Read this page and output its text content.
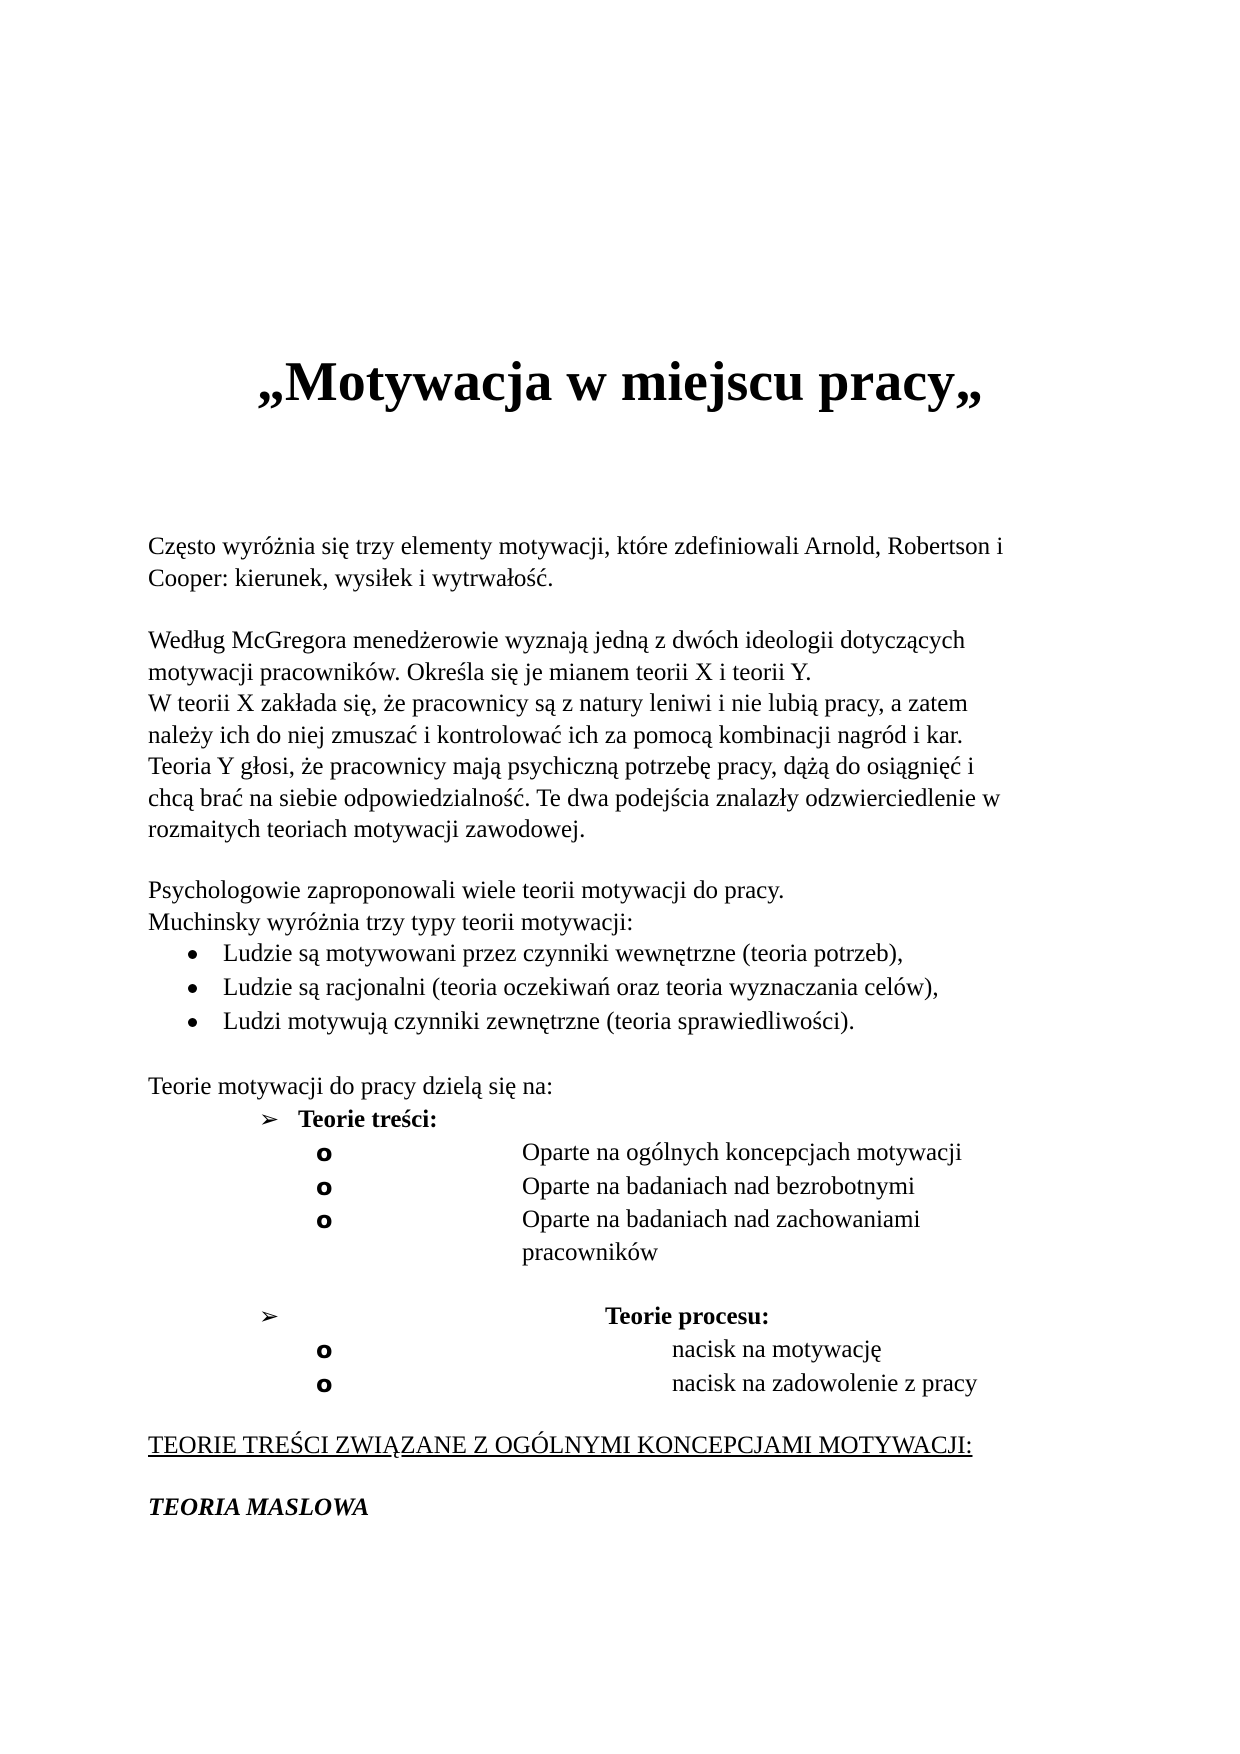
„Motywacja w miejscu pracy„
Często wyróżnia się trzy elementy motywacji, które zdefiniowali Arnold, Robertson i
Cooper: kierunek, wysiłek i wytrwałość.
Według McGregora menedżerowie wyznają jedną z dwóch ideologii dotyczących
motywacji pracowników. Określa się je mianem teorii X i teorii Y.
W teorii X zakłada się, że pracownicy są z natury leniwi i nie lubią pracy, a zatem
należy ich do niej zmuszać i kontrolować ich za pomocą kombinacji nagród i kar.
Teoria Y głosi, że pracownicy mają psychiczną potrzebę pracy, dążą do osiągnięć i
chcą brać na siebie odpowiedzialność. Te dwa podejścia znalazły odzwierciedlenie w
rozmaitych teoriach motywacji zawodowej.
Psychologowie zaproponowali wiele teorii motywacji do pracy.
Muchinsky wyróżnia trzy typy teorii motywacji:
Ludzie są motywowani przez czynniki wewnętrzne (teoria potrzeb),
Ludzie są racjonalni (teoria oczekiwań oraz teoria wyznaczania celów),
Ludzi motywują czynniki zewnętrzne (teoria sprawiedliwości).
Teorie motywacji do pracy dzielą się na:
➢ Teorie treści:
o	Oparte na ogólnych koncepcjach motywacji
o	Oparte na badaniach nad bezrobotnymi
o	Oparte na badaniach nad zachowaniami
pracowników
➢	Teorie procesu:
o	nacisk na motywację
o	nacisk na zadowolenie z pracy
TEORIE TREŚCI ZWIĄZANE Z OGÓLNYMI KONCEPCJAMI MOTYWACJI:
TEORIA MASLOWA
